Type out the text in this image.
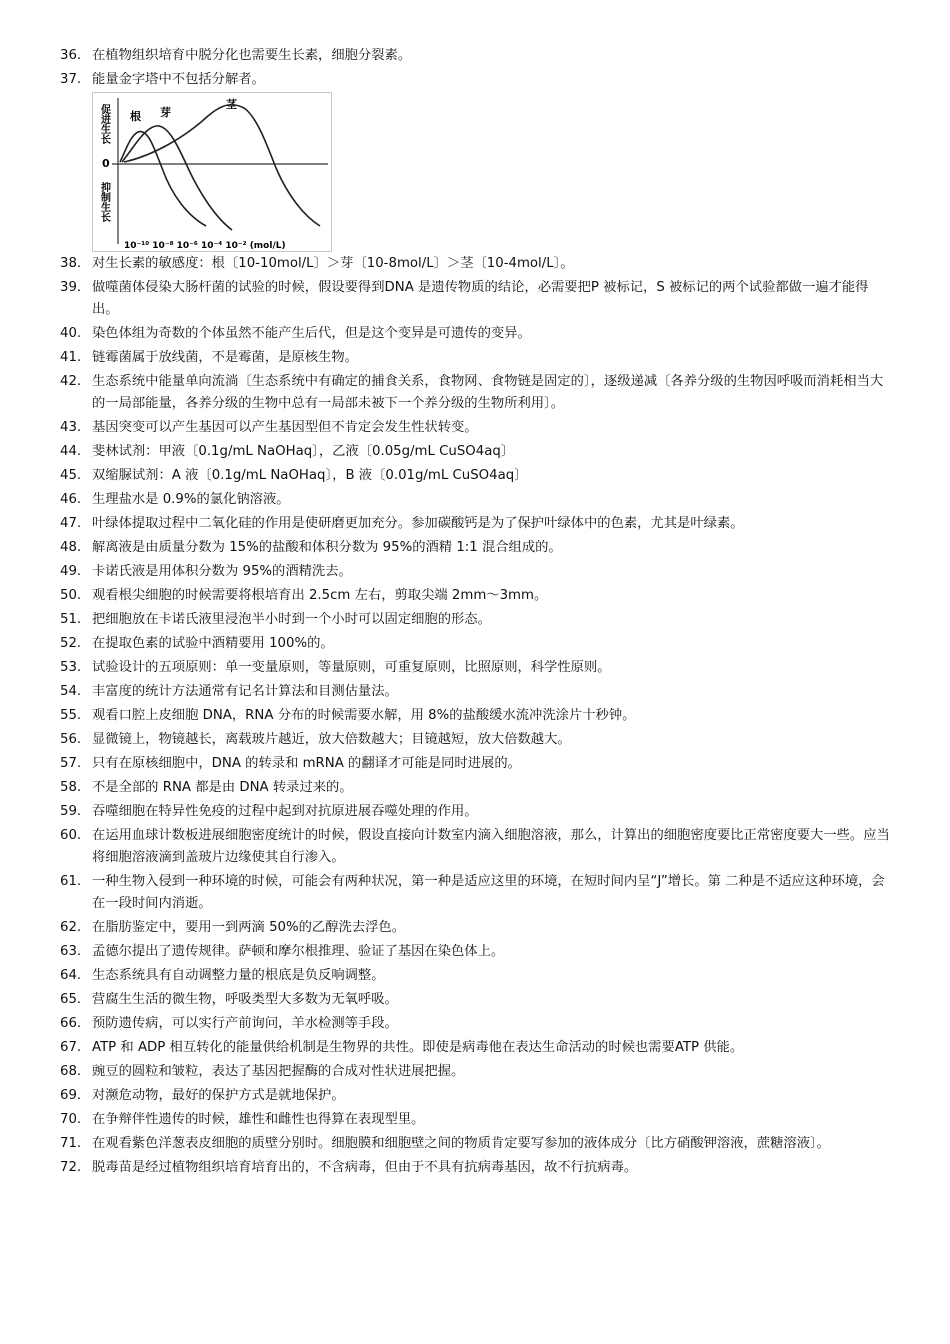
36. 在植物组织培育中脱分化也需要生长素，细胞分裂素。
37. 能量金字塔中不包括分解者。
促进生长
0
抑制生长
根 芽
茎
10⁻¹⁰ 10⁻⁸ 10⁻⁶ 10⁻⁴ 10⁻² (mol/L)
38. 对生长素的敏感度：根〔10-10mol/L〕＞芽〔10-8mol/L〕＞茎〔10-4mol/L〕。
39. 做噬菌体侵染大肠杆菌的试验的时候，假设要得到DNA 是遗传物质的结论，必需要把P 被标记，S 被标记的两个试验都做一遍才能得出。
40. 染色体组为奇数的个体虽然不能产生后代，但是这个变异是可遗传的变异。
41. 链霉菌属于放线菌，不是霉菌，是原核生物。
42. 生态系统中能量单向流淌〔生态系统中有确定的捕食关系，食物网、食物链是固定的〕，逐级递减〔各养分级的生物因呼吸而消耗相当大的一局部能量，各养分级的生物中总有一局部未被下一个养分级的生物所利用〕。
43. 基因突变可以产生基因可以产生基因型但不肯定会发生性状转变。
44. 斐林试剂：甲液〔0.1g/mL NaOHaq〕，乙液〔0.05g/mL CuSO4aq〕
45. 双缩脲试剂：A 液〔0.1g/mL NaOHaq〕，B 液〔0.01g/mL CuSO4aq〕
46. 生理盐水是 0.9%的氯化钠溶液。
47. 叶绿体提取过程中二氧化硅的作用是使研磨更加充分。参加碳酸钙是为了保护叶绿体中的色素，尤其是叶绿素。
48. 解离液是由质量分数为 15%的盐酸和体积分数为 95%的酒精 1:1 混合组成的。
49. 卡诺氏液是用体积分数为 95%的酒精洗去。
50. 观看根尖细胞的时候需要将根培育出 2.5cm 左右，剪取尖端 2mm～3mm。
51. 把细胞放在卡诺氏液里浸泡半小时到一个小时可以固定细胞的形态。
52. 在提取色素的试验中酒精要用 100%的。
53. 试验设计的五项原则：单一变量原则，等量原则，可重复原则，比照原则，科学性原则。
54. 丰富度的统计方法通常有记名计算法和目测估量法。
55. 观看口腔上皮细胞 DNA，RNA 分布的时候需要水解，用 8%的盐酸缓水流冲洗涂片十秒钟。
56. 显微镜上，物镜越长，离载玻片越近，放大倍数越大；目镜越短，放大倍数越大。
57. 只有在原核细胞中，DNA 的转录和 mRNA 的翻译才可能是同时进展的。
58. 不是全部的 RNA 都是由 DNA 转录过来的。
59. 吞噬细胞在特异性免疫的过程中起到对抗原进展吞噬处理的作用。
60. 在运用血球计数板进展细胞密度统计的时候，假设直接向计数室内滴入细胞溶液，那么，计算出的细胞密度要比正常密度要大一些。应当将细胞溶液滴到盖玻片边缘使其自行渗入。
61. 一种生物入侵到一种环境的时候，可能会有两种状况，第一种是适应这里的环境，在短时间内呈“J”增长。第 二种是不适应这种环境，会在一段时间内消逝。
62. 在脂肪鉴定中，要用一到两滴 50%的乙醇洗去浮色。
63. 孟德尔提出了遗传规律。萨顿和摩尔根推理、验证了基因在染色体上。
64. 生态系统具有自动调整力量的根底是负反响调整。
65. 营腐生生活的微生物，呼吸类型大多数为无氧呼吸。
66. 预防遗传病，可以实行产前询问，羊水检测等手段。
67. ATP 和 ADP 相互转化的能量供给机制是生物界的共性。即使是病毒他在表达生命活动的时候也需要ATP 供能。
68. 豌豆的圆粒和皱粒，表达了基因把握酶的合成对性状进展把握。
69. 对濒危动物，最好的保护方式是就地保护。
70. 在争辩伴性遗传的时候，雄性和雌性也得算在表现型里。
71. 在观看紫色洋葱表皮细胞的质壁分别时。细胞膜和细胞壁之间的物质肯定要写参加的液体成分〔比方硝酸钾溶液，蔗糖溶液〕。
72. 脱毒苗是经过植物组织培育培育出的，不含病毒，但由于不具有抗病毒基因，故不行抗病毒。
